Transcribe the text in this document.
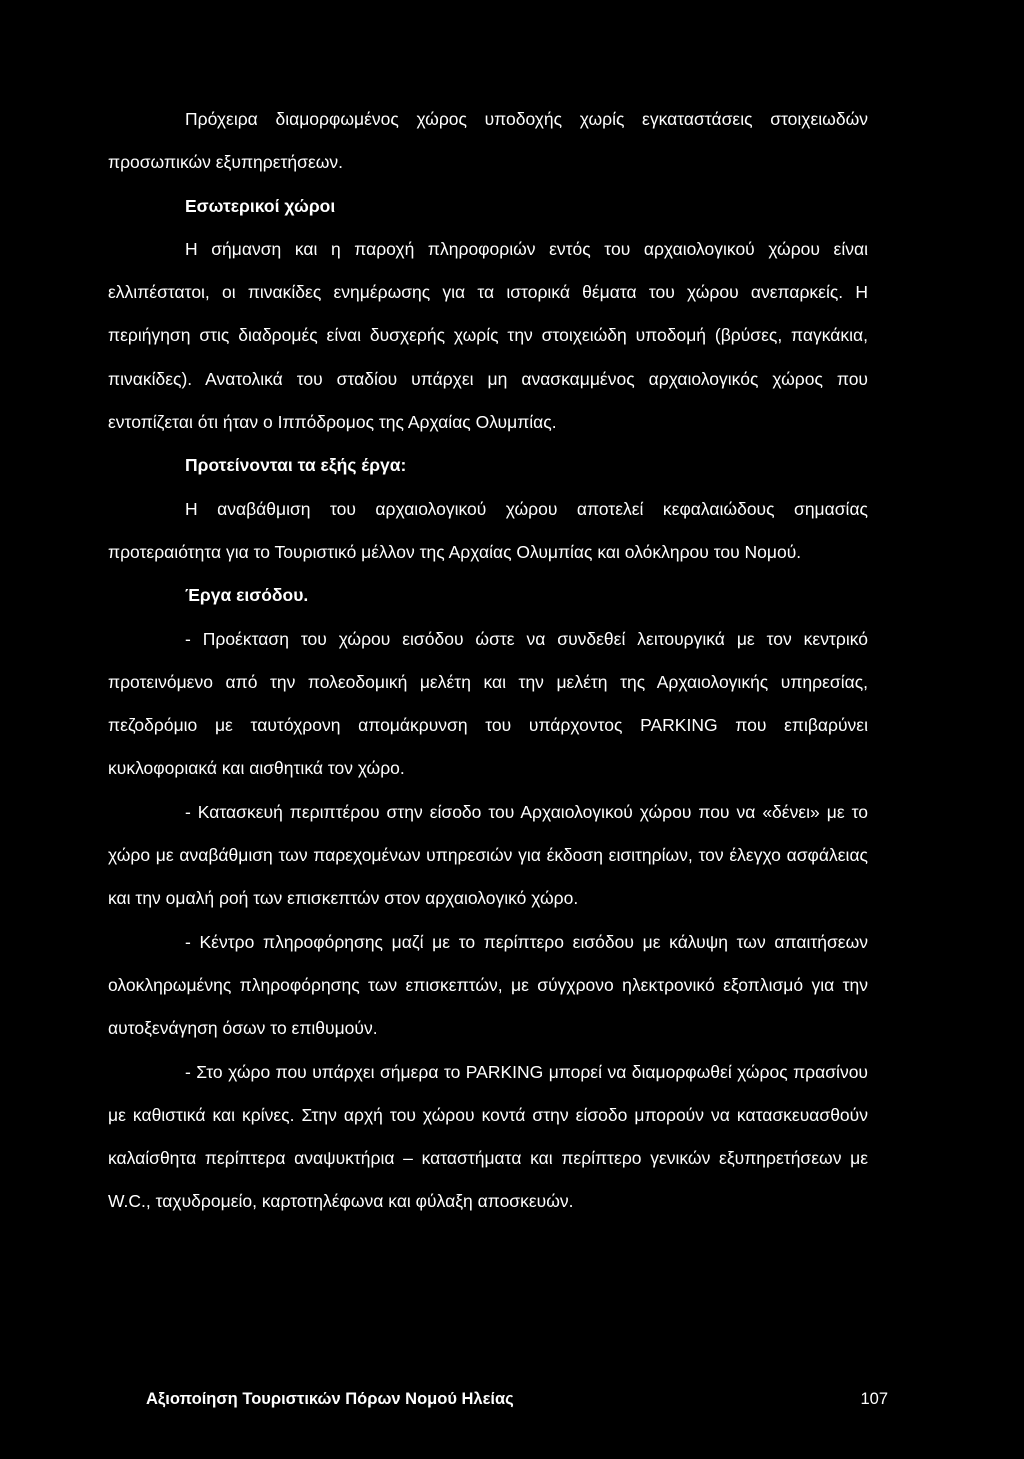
Πρόχειρα διαμορφωμένος χώρος υποδοχής χωρίς εγκαταστάσεις στοιχειωδών προσωπικών εξυπηρετήσεων.

Εσωτερικοί χώροι

Η σήμανση και η παροχή πληροφοριών εντός του αρχαιολογικού χώρου είναι ελλιπέστατοι, οι πινακίδες ενημέρωσης για τα ιστορικά θέματα του χώρου ανεπαρκείς. Η περιήγηση στις διαδρομές είναι δυσχερής χωρίς την στοιχειώδη υποδομή (βρύσες, παγκάκια, πινακίδες). Ανατολικά του σταδίου υπάρχει μη ανασκαμμένος αρχαιολογικός χώρος που εντοπίζεται ότι ήταν ο Ιππόδρομος της Αρχαίας Ολυμπίας.

Προτείνονται τα εξής έργα:

Η αναβάθμιση του αρχαιολογικού χώρου αποτελεί κεφαλαιώδους σημασίας προτεραιότητα για το Τουριστικό μέλλον της Αρχαίας Ολυμπίας και ολόκληρου του Νομού.

Έργα εισόδου.

- Προέκταση του χώρου εισόδου ώστε να συνδεθεί λειτουργικά με τον κεντρικό προτεινόμενο από την πολεοδομική μελέτη και την μελέτη της Αρχαιολογικής υπηρεσίας, πεζοδρόμιο με ταυτόχρονη απομάκρυνση του υπάρχοντος PARKING που επιβαρύνει κυκλοφοριακά και αισθητικά τον χώρο.

- Κατασκευή περιπτέρου στην είσοδο του Αρχαιολογικού χώρου που να «δένει» με το χώρο με αναβάθμιση των παρεχομένων υπηρεσιών για έκδοση εισιτηρίων, τον έλεγχο ασφάλειας και την ομαλή ροή των επισκεπτών στον αρχαιολογικό χώρο.

- Κέντρο πληροφόρησης μαζί με το περίπτερο εισόδου με κάλυψη των απαιτήσεων ολοκληρωμένης πληροφόρησης των επισκεπτών, με σύγχρονο ηλεκτρονικό εξοπλισμό για την αυτοξενάγηση όσων το επιθυμούν.

- Στο χώρο που υπάρχει σήμερα το PARKING μπορεί να διαμορφωθεί χώρος πρασίνου με καθιστικά και κρίνες. Στην αρχή του χώρου κοντά στην είσοδο μπορούν να κατασκευασθούν καλαίσθητα περίπτερα αναψυκτήρια – καταστήματα και περίπτερο γενικών εξυπηρετήσεων με W.C., ταχυδρομείο, καρτοτηλέφωνα και φύλαξη αποσκευών.

Αξιοποίηση Τουριστικών Πόρων Νομού Ηλείας	107
